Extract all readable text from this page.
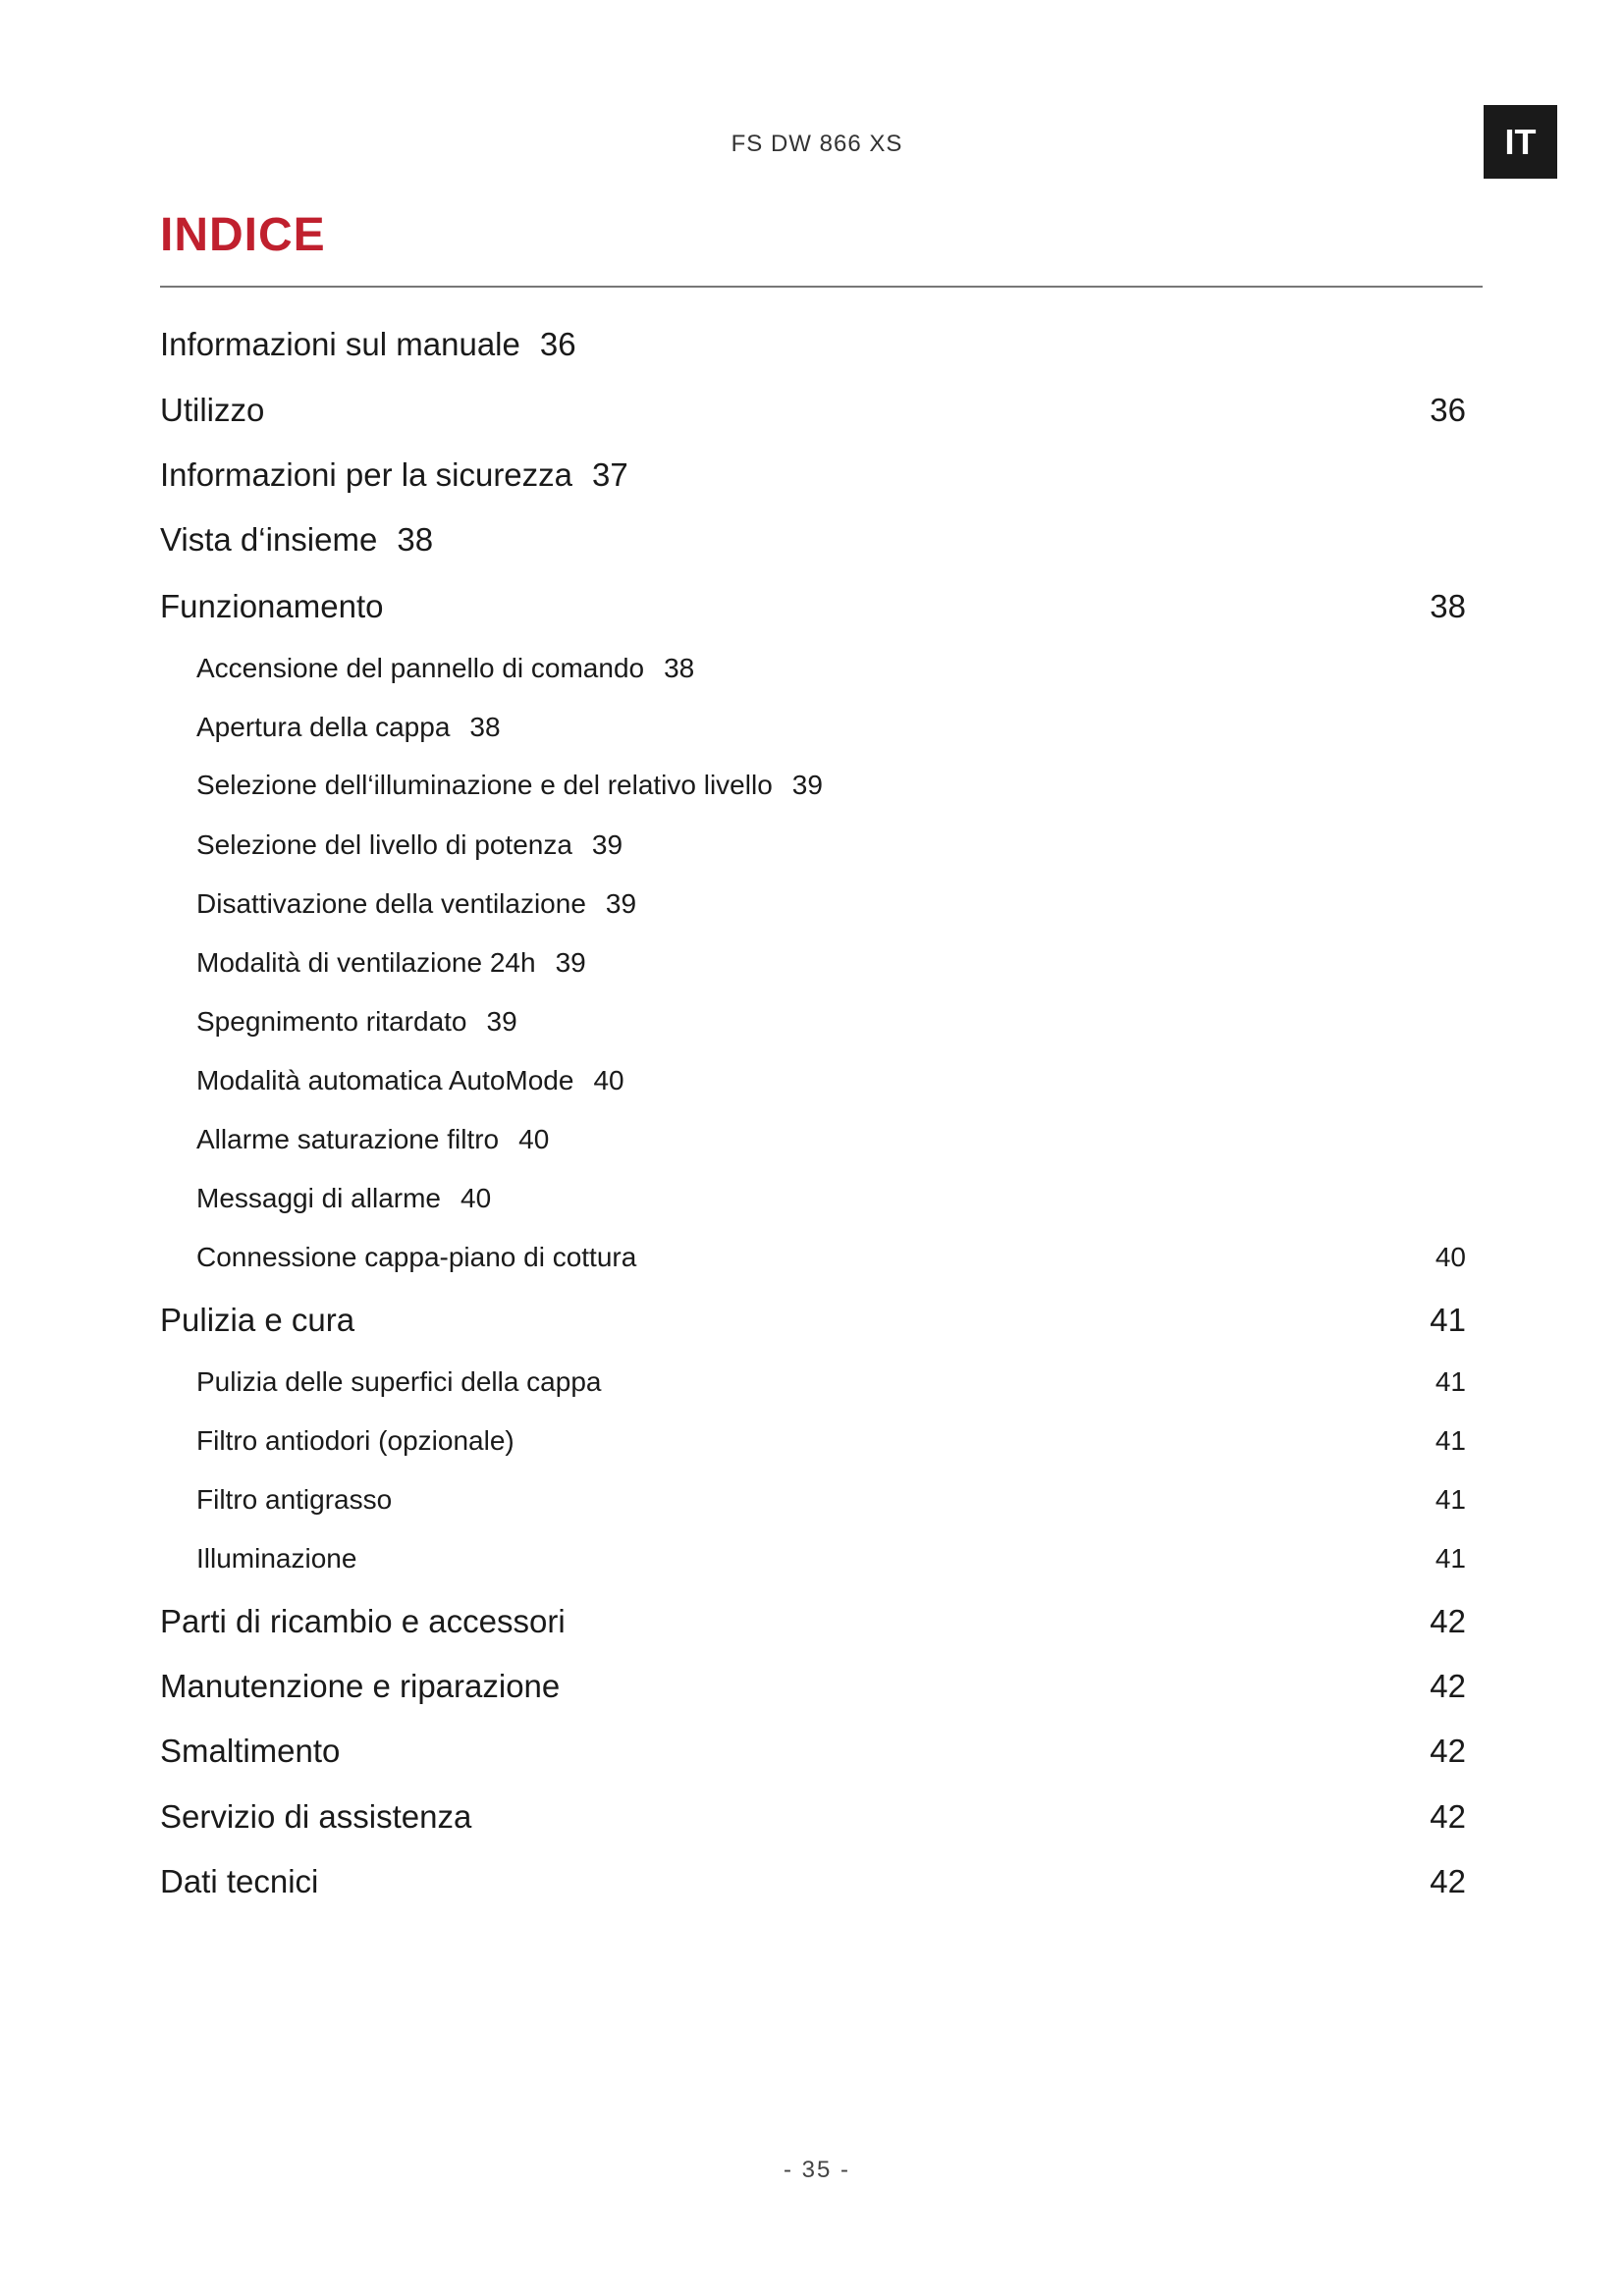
FS DW 866 XS	IT
INDICE
Informazioni sul manuale 36
Utilizzo	36
Informazioni per la sicurezza 37
Vista d‘insieme 38
Funzionamento	38
Accensione del pannello di comando 38
Apertura della cappa 38
Selezione dell‘illuminazione e del relativo livello 39
Selezione del livello di potenza 39
Disattivazione della ventilazione 39
Modalità di ventilazione 24h 39
Spegnimento ritardato 39
Modalità automatica AutoMode 40
Allarme saturazione filtro 40
Messaggi di allarme 40
Connessione cappa-piano di cottura	40
Pulizia e cura	41
Pulizia delle superfici della cappa	41
Filtro antiodori (opzionale)	41
Filtro antigrasso	41
Illuminazione	41
Parti di ricambio e accessori	42
Manutenzione e riparazione	42
Smaltimento	42
Servizio di assistenza	42
Dati tecnici	42
- 35 -
